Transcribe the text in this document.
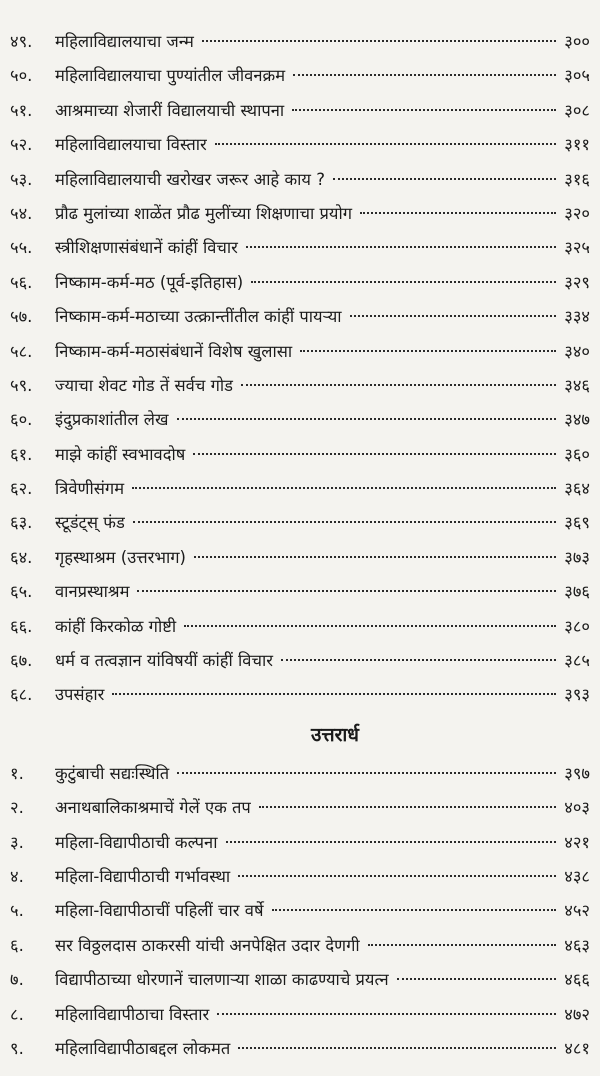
४९.	महिलाविद्यालयाचा जन्म	३००
५०.	महिलाविद्यालयाचा पुण्यांतील जीवनक्रम	३०५
५१.	आश्रमाच्या शेजारीं विद्यालयाची स्थापना	३०८
५२.	महिलाविद्यालयाचा विस्तार	३११
५३.	महिलाविद्यालयाची खरोखर जरूर आहे काय ?	३१६
५४.	प्रौढ मुलांच्या शाळेंत प्रौढ मुलींच्या शिक्षणाचा प्रयोग	३२०
५५.	स्त्रीशिक्षणासंबंधानें कांहीं विचार	३२५
५६.	निष्काम-कर्म-मठ (पूर्व-इतिहास)	३२९
५७.	निष्काम-कर्म-मठाच्या उत्क्रान्तींतील कांहीं पायऱ्या	३३४
५८.	निष्काम-कर्म-मठासंबंधानें विशेष खुलासा	३४०
५९.	ज्याचा शेवट गोड तें सर्वच गोड	३४६
६०.	इंदुप्रकाशांतील लेख	३४७
६१.	माझे कांहीं स्वभावदोष	३६०
६२.	त्रिवेणीसंगम	३६४
६३.	स्टूडंट्स् फंड	३६९
६४.	गृहस्थाश्रम (उत्तरभाग)	३७३
६५.	वानप्रस्थाश्रम	३७६
६६.	कांहीं किरकोळ गोष्टी	३८०
६७.	धर्म व तत्वज्ञान यांविषयीं कांहीं विचार	३८५
६८.	उपसंहार	३९३
उत्तरार्ध
१.	कुटुंबाची सद्यःस्थिति	३९७
२.	अनाथबालिकाश्रमाचें गेलें एक तप	४०३
३.	महिला-विद्यापीठाची कल्पना	४२१
४.	महिला-विद्यापीठाची गर्भावस्था	४३८
५.	महिला-विद्यापीठाचीं पहिलीं चार वर्षे	४५२
६.	सर विठ्ठलदास ठाकरसी यांची अनपेक्षित उदार देणगी	४६३
७.	विद्यापीठाच्या धोरणानें चालणाऱ्या शाळा काढण्याचे प्रयत्न	४६६
८.	महिलाविद्यापीठाचा विस्तार	४७२
९.	महिलाविद्यापीठाबद्दल लोकमत	४८१
